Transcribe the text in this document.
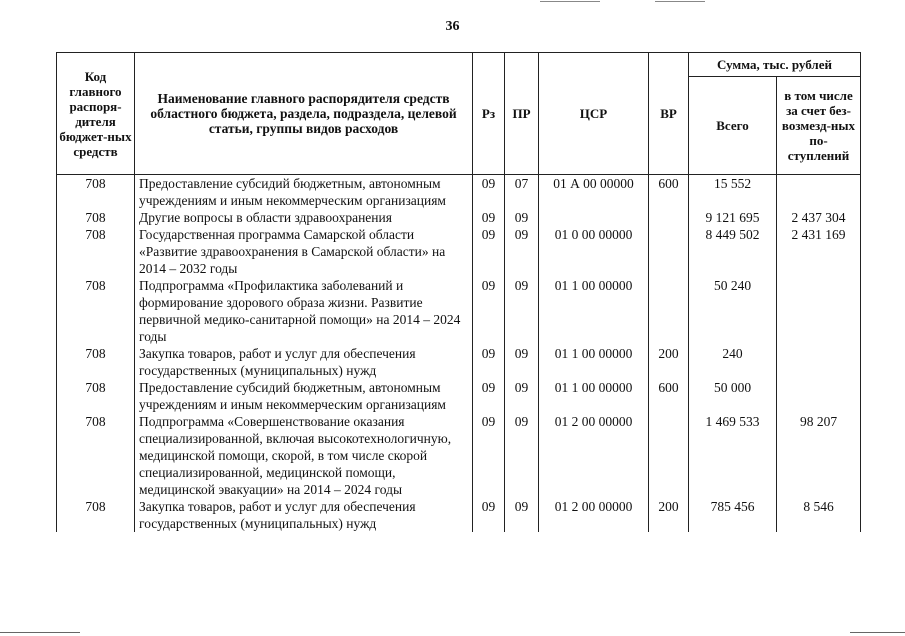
36
Код главного распоря-дителя бюджет-ных средств	Наименование главного распорядителя средств областного бюджета, раздела, подраздела, целевой статьи, группы видов расходов	Рз	ПР	ЦСР	ВР	Сумма, тыс. рублей	
						Всего	в том числе за счет без-возмезд-ных по-ступлений
708	Предоставление субсидий бюджетным, автономным учреждениям и иным некоммерческим организациям	09	07	01 А 00 00000	600	15 552	
708	Другие вопросы в области здравоохранения	09	09			9 121 695	2 437 304
708	Государственная программа Самарской области «Развитие здравоохранения в Самарской области» на 2014 – 2032 годы	09	09	01 0 00 00000		8 449 502	2 431 169
708	Подпрограмма «Профилактика заболеваний и формирование здорового образа жизни. Развитие первичной медико-санитарной помощи» на 2014 – 2024 годы	09	09	01 1 00 00000		50 240	
708	Закупка товаров, работ и услуг для обеспечения государственных (муниципальных) нужд	09	09	01 1 00 00000	200	240	
708	Предоставление субсидий бюджетным, автономным учреждениям и иным некоммерческим организациям	09	09	01 1 00 00000	600	50 000	
708	Подпрограмма «Совершенствование оказания специализированной, включая высокотехнологичную, медицинской помощи, скорой, в том числе скорой специализированной, медицинской помощи, медицинской эвакуации» на 2014 – 2024 годы	09	09	01 2 00 00000		1 469 533	98 207
708	Закупка товаров, работ и услуг для обеспечения государственных (муниципальных) нужд	09	09	01 2 00 00000	200	785 456	8 546
